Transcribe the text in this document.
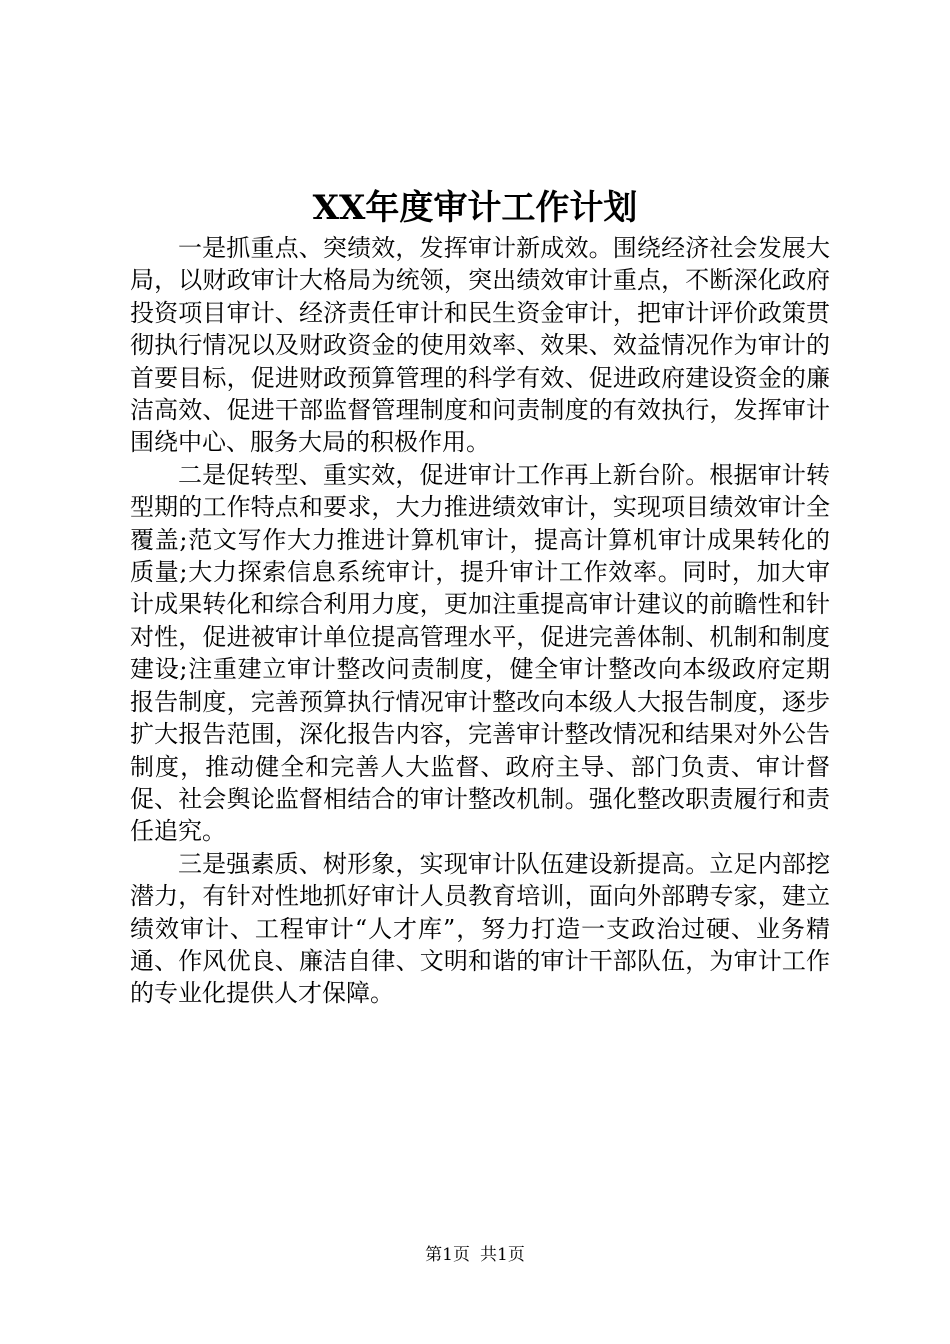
XX年度审计工作计划

一是抓重点、突绩效，发挥审计新成效。围绕经济社会发展大局，以财政审计大格局为统领，突出绩效审计重点，不断深化政府投资项目审计、经济责任审计和民生资金审计，把审计评价政策贯彻执行情况以及财政资金的使用效率、效果、效益情况作为审计的首要目标，促进财政预算管理的科学有效、促进政府建设资金的廉洁高效、促进干部监督管理制度和问责制度的有效执行，发挥审计围绕中心、服务大局的积极作用。

二是促转型、重实效，促进审计工作再上新台阶。根据审计转型期的工作特点和要求，大力推进绩效审计，实现项目绩效审计全覆盖;范文写作大力推进计算机审计，提高计算机审计成果转化的质量;大力探索信息系统审计，提升审计工作效率。同时，加大审计成果转化和综合利用力度，更加注重提高审计建议的前瞻性和针对性，促进被审计单位提高管理水平，促进完善体制、机制和制度建设;注重建立审计整改问责制度，健全审计整改向本级政府定期报告制度，完善预算执行情况审计整改向本级人大报告制度，逐步扩大报告范围，深化报告内容，完善审计整改情况和结果对外公告制度，推动健全和完善人大监督、政府主导、部门负责、审计督促、社会舆论监督相结合的审计整改机制。强化整改职责履行和责任追究。

三是强素质、树形象，实现审计队伍建设新提高。立足内部挖潜力，有针对性地抓好审计人员教育培训，面向外部聘专家，建立绩效审计、工程审计“人才库”，努力打造一支政治过硬、业务精通、作风优良、廉洁自律、文明和谐的审计干部队伍，为审计工作的专业化提供人才保障。

第1页 共1页
